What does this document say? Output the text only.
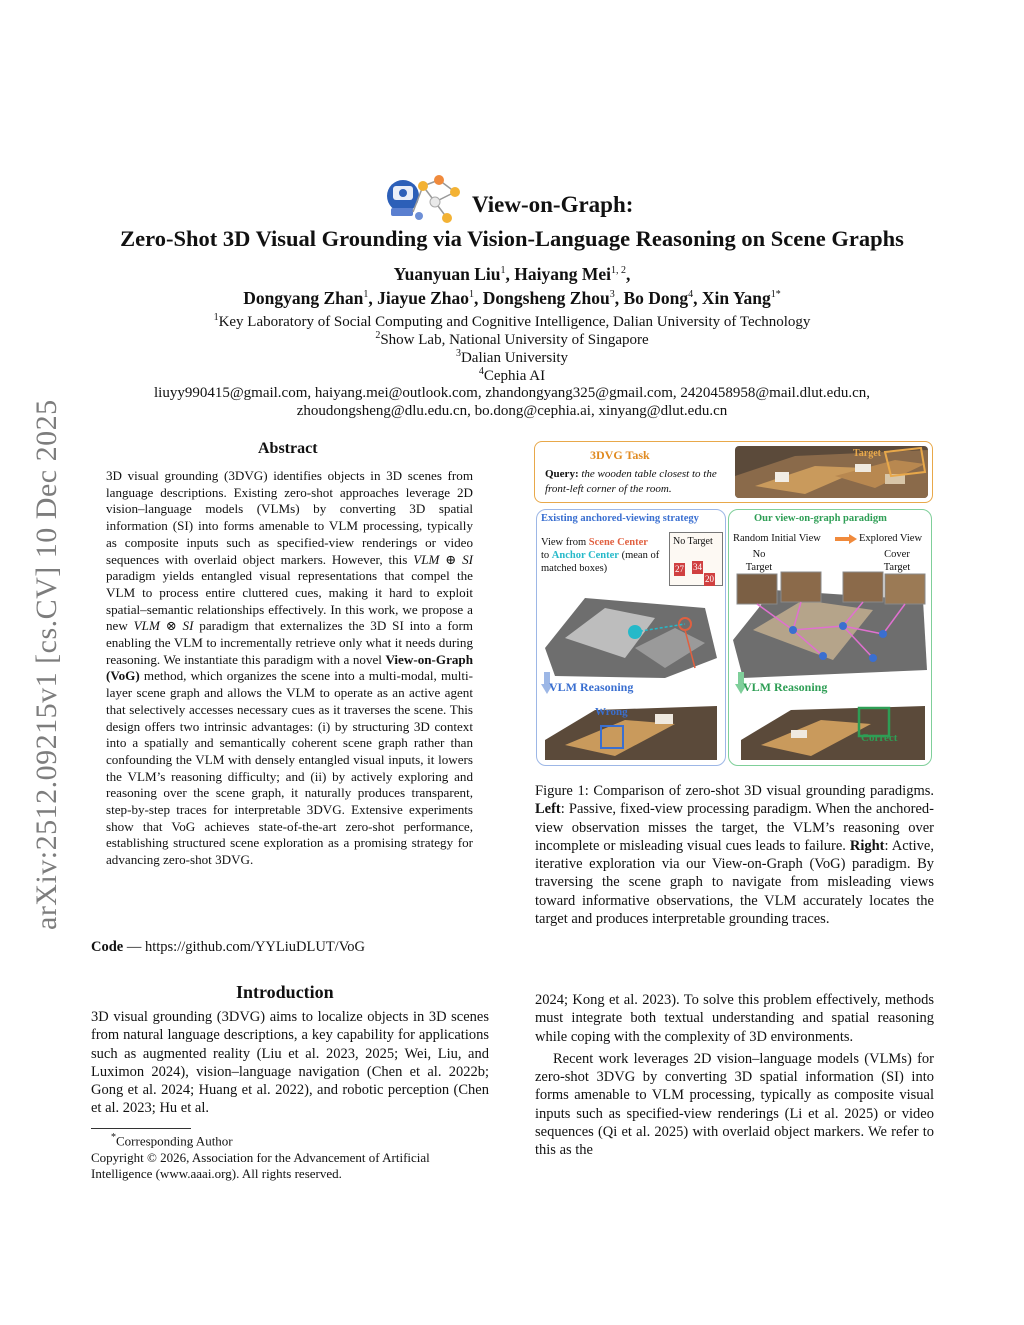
arXiv:2512.09215v1 [cs.CV] 10 Dec 2025
View-on-Graph:
Zero-Shot 3D Visual Grounding via Vision-Language Reasoning on Scene Graphs
Yuanyuan Liu$^1$, Haiyang Mei$^{1, 2}$,
Dongyang Zhan$^1$, Jiayue Zhao$^1$, Dongsheng Zhou$^3$, Bo Dong$^4$, Xin Yang$^{1*}$
$^1$Key Laboratory of Social Computing and Cognitive Intelligence, Dalian University of Technology
$^2$Show Lab, National University of Singapore
$^3$Dalian University
$^4$Cephia AI
liuyy990415@gmail.com, haiyang.mei@outlook.com, zhandongyang325@gmail.com, 2420458958@mail.dlut.edu.cn,
zhoudongsheng@dlu.edu.cn, bo.dong@cephia.ai, xinyang@dlut.edu.cn
Abstract
3D visual grounding (3DVG) identifies objects in 3D scenes from language descriptions. Existing zero-shot approaches leverage 2D vision–language models (VLMs) by converting 3D spatial information (SI) into forms amenable to VLM processing, typically as composite inputs such as specified-view renderings or video sequences with overlaid object markers. However, this VLM ⊕ SI paradigm yields entangled visual representations that compel the VLM to process entire cluttered cues, making it hard to exploit spatial–semantic relationships effectively. In this work, we propose a new VLM ⊗ SI paradigm that externalizes the 3D SI into a form enabling the VLM to incrementally retrieve only what it needs during reasoning. We instantiate this paradigm with a novel View-on-Graph (VoG) method, which organizes the scene into a multi-modal, multi-layer scene graph and allows the VLM to operate as an active agent that selectively accesses necessary cues as it traverses the scene. This design offers two intrinsic advantages: (i) by structuring 3D context into a spatially and semantically coherent scene graph rather than confounding the VLM with densely entangled visual inputs, it lowers the VLM’s reasoning difficulty; and (ii) by actively exploring and reasoning over the scene graph, it naturally produces transparent, step-by-step traces for interpretable 3DVG. Extensive experiments show that VoG achieves state-of-the-art zero-shot performance, establishing structured scene exploration as a promising strategy for advancing zero-shot 3DVG.
Code — https://github.com/YYLiuDLUT/VoG
Introduction
3D visual grounding (3DVG) aims to localize objects in 3D scenes from natural language descriptions, a key capability for applications such as augmented reality (Liu et al. 2023, 2025; Wei, Liu, and Luximon 2024), vision–language navigation (Chen et al. 2022b; Gong et al. 2024; Huang et al. 2022), and robotic perception (Chen et al. 2023; Hu et al.
*Corresponding Author
Copyright © 2026, Association for the Advancement of Artificial Intelligence (www.aaai.org). All rights reserved.
3DVG Task
Query: the wooden table closest to the front-left corner of the room.
Target
Existing anchored-viewing strategy
View from Scene Center
to Anchor Center (mean of matched boxes)
No Target
27 34
20
VLM Reasoning
Wrong
Our view-on-graph paradigm
Random Initial View	Explored View
No Target
Cover Target
VLM Reasoning
Correct
Figure 1: Comparison of zero-shot 3D visual grounding paradigms. Left: Passive, fixed-view processing paradigm. When the anchored-view observation misses the target, the VLM’s reasoning over incomplete or misleading visual cues leads to failure. Right: Active, iterative exploration via our View-on-Graph (VoG) paradigm. By traversing the scene graph to navigate from misleading views toward informative observations, the VLM accurately locates the target and produces interpretable grounding traces.
2024; Kong et al. 2023). To solve this problem effectively, methods must integrate both textual understanding and spatial reasoning while coping with the complexity of 3D environments.
Recent work leverages 2D vision–language models (VLMs) for zero-shot 3DVG by converting 3D spatial information (SI) into forms amenable to VLM processing, typically as composite visual inputs such as specified-view renderings (Li et al. 2025) or video sequences (Qi et al. 2025) with overlaid object markers. We refer to this as the
